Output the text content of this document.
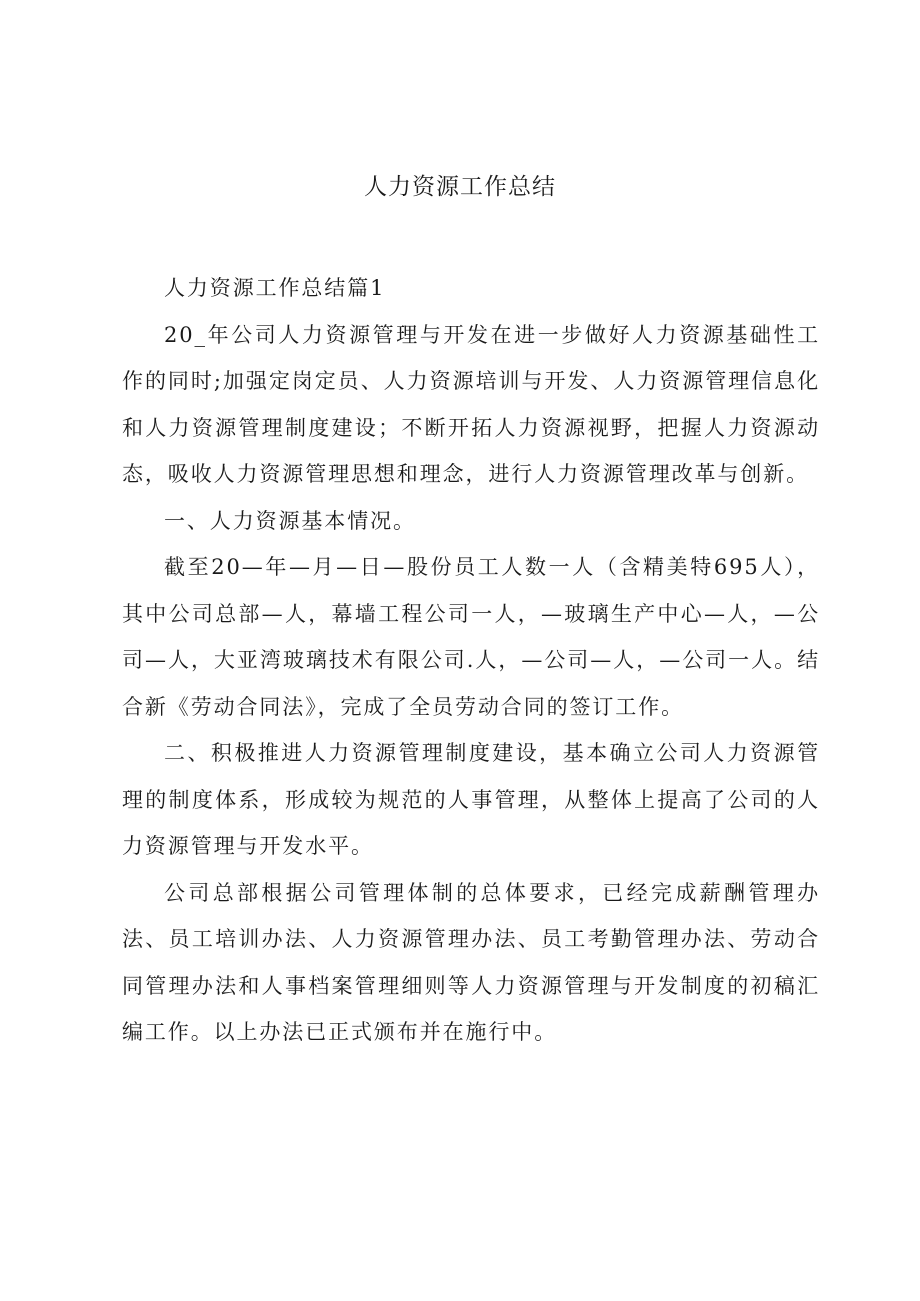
人力资源工作总结

人力资源工作总结篇1

20_年公司人力资源管理与开发在进一步做好人力资源基础性工作的同时;加强定岗定员、人力资源培训与开发、人力资源管理信息化和人力资源管理制度建设；不断开拓人力资源视野，把握人力资源动态，吸收人力资源管理思想和理念，进行人力资源管理改革与创新。

一、人力资源基本情况。

截至20—年—月—日—股份员工人数一人（含精美特695人），其中公司总部—人，幕墙工程公司一人，—玻璃生产中心—人，—公司—人，大亚湾玻璃技术有限公司.人，—公司—人，—公司一人。结合新《劳动合同法》，完成了全员劳动合同的签订工作。

二、积极推进人力资源管理制度建设，基本确立公司人力资源管理的制度体系，形成较为规范的人事管理，从整体上提高了公司的人力资源管理与开发水平。

公司总部根据公司管理体制的总体要求，已经完成薪酬管理办法、员工培训办法、人力资源管理办法、员工考勤管理办法、劳动合同管理办法和人事档案管理细则等人力资源管理与开发制度的初稿汇编工作。以上办法已正式颁布并在施行中。
